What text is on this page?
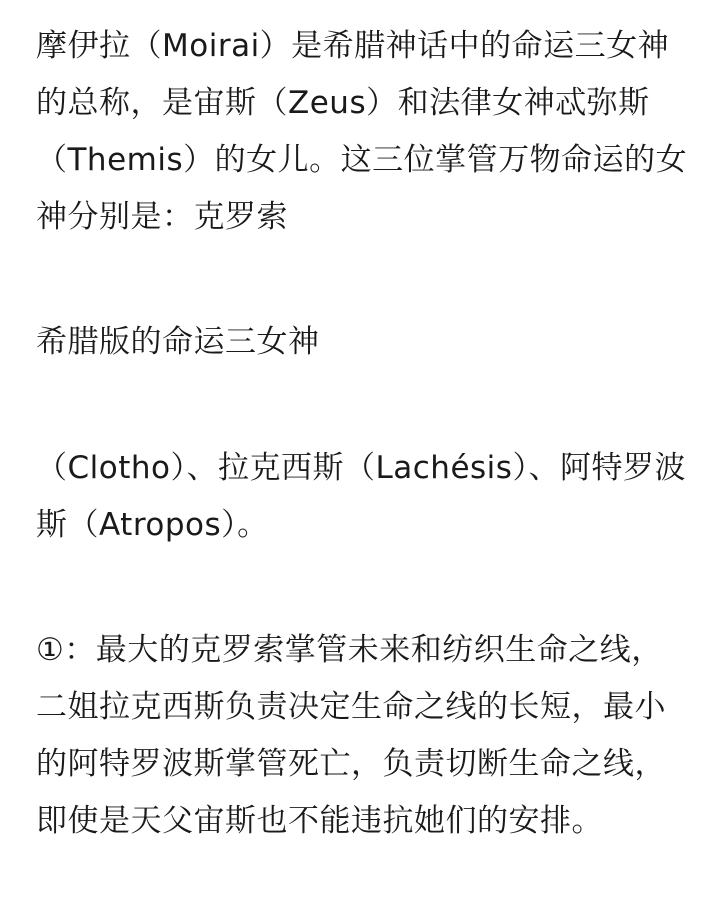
摩伊拉（Moirai）是希腊神话中的命运三女神的总称，是宙斯（Zeus）和法律女神忒弥斯（Themis）的女儿。这三位掌管万物命运的女神分别是：克罗索

希腊版的命运三女神

（Clotho）、拉克西斯（Lachésis）、阿特罗波斯（Atropos）。

①：最大的克罗索掌管未来和纺织生命之线，二姐拉克西斯负责决定生命之线的长短，最小的阿特罗波斯掌管死亡，负责切断生命之线，即使是天父宙斯也不能违抗她们的安排。
